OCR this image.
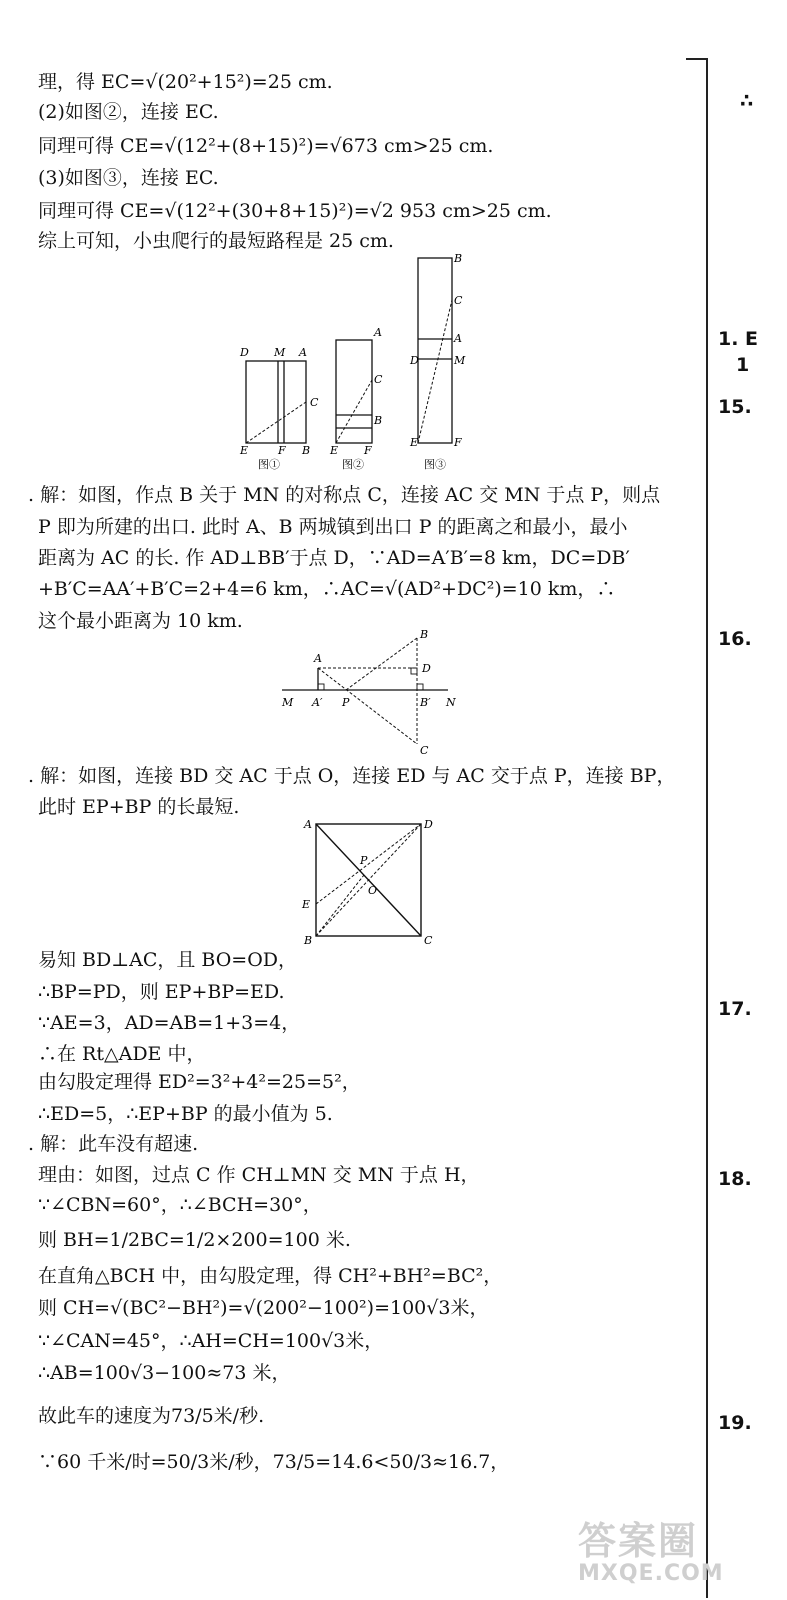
理，得 EC=√(20²+15²)=25 cm.
(2)如图②，连接 EC.
同理可得 CE=√(12²+(8+15)²)=√673 cm>25 cm.
(3)如图③，连接 EC.
同理可得 CE=√(12²+(30+8+15)²)=√2 953 cm>25 cm.
综上可知，小虫爬行的最短路程是 25 cm.
D M A
C
E	F B
图①
A
C
B
E F
图②
B
C
A
D	M
E	F
图③
. 解：如图，作点 B 关于 MN 的对称点 C，连接 AC 交 MN 于点 P，则点
P 即为所建的出口. 此时 A、B 两城镇到出口 P 的距离之和最小，最小
距离为 AC 的长. 作 AD⊥BB′于点 D，∵AD=A′B′=8 km，DC=DB′
+B′C=AA′+B′C=2+4=6 km，∴AC=√(AD²+DC²)=10 km，∴
这个最小距离为 10 km.
A
B
D
M A′ P	B′ N
C
. 解：如图，连接 BD 交 AC 于点 O，连接 ED 与 AC 交于点 P，连接 BP，
此时 EP+BP 的长最短.
A	D
P
O
E
B	C
易知 BD⊥AC，且 BO=OD，
∴BP=PD，则 EP+BP=ED.
∵AE=3，AD=AB=1+3=4，
∴在 Rt△ADE 中，
由勾股定理得 ED²=3²+4²=25=5²，
∴ED=5，∴EP+BP 的最小值为 5.
. 解：此车没有超速.
理由：如图，过点 C 作 CH⊥MN 交 MN 于点 H，
∵∠CBN=60°，∴∠BCH=30°，
则 BH=1/2BC=1/2×200=100 米.
在直角△BCH 中，由勾股定理，得 CH²+BH²=BC²，
则 CH=√(BC²−BH²)=√(200²−100²)=100√3米，
∵∠CAN=45°，∴AH=CH=100√3米，
∴AB=100√3−100≈73 米，
故此车的速度为73/5米/秒.
∵60 千米/时=50/3米/秒，73/5=14.6<50/3≈16.7，
∴
1. E
1
15.
16.
17.
18.
19.
答案圈
MXQE.COM
